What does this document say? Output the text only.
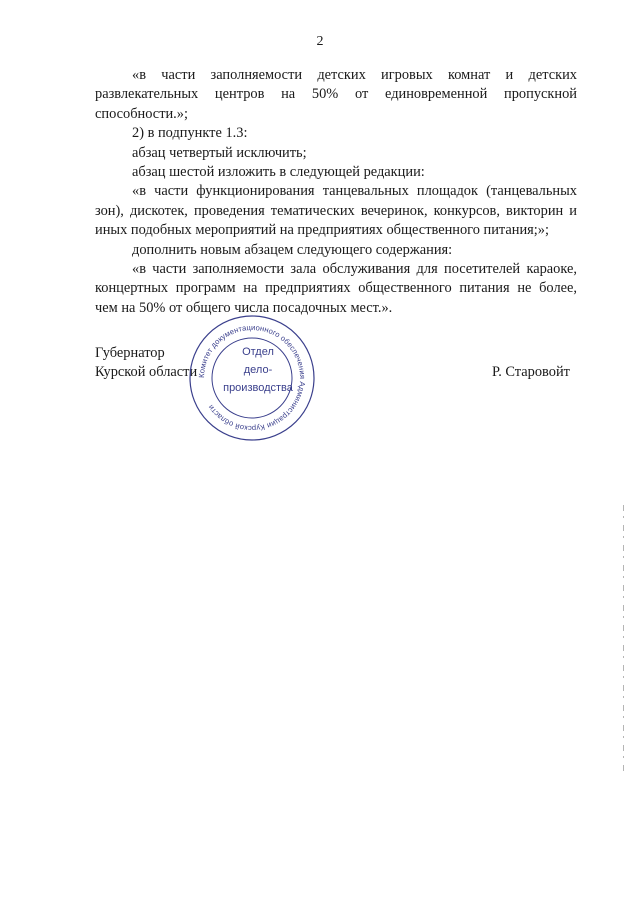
2

«в части заполняемости детских игровых комнат и детских

развлекательных центров на 50% от единовременной пропускной

способности.»;

2) в подпункте 1.3:

абзац четвертый исключить;

абзац шестой изложить в следующей редакции:

«в части функционирования танцевальных площадок (танцевальных

зон), дискотек, проведения тематических вечеринок, конкурсов, викторин и

иных подобных мероприятий на предприятиях общественного питания;»;

дополнить новым абзацем следующего содержания:

«в части заполняемости зала обслуживания для посетителей караоке,

концертных программ на предприятиях общественного питания не более,

чем на 50% от общего числа посадочных мест.».

Губернатор
Курской области	Р. Старовойт
Комитет документационного обеспечения Администрации Курской области
Отдел
дело-
производства
